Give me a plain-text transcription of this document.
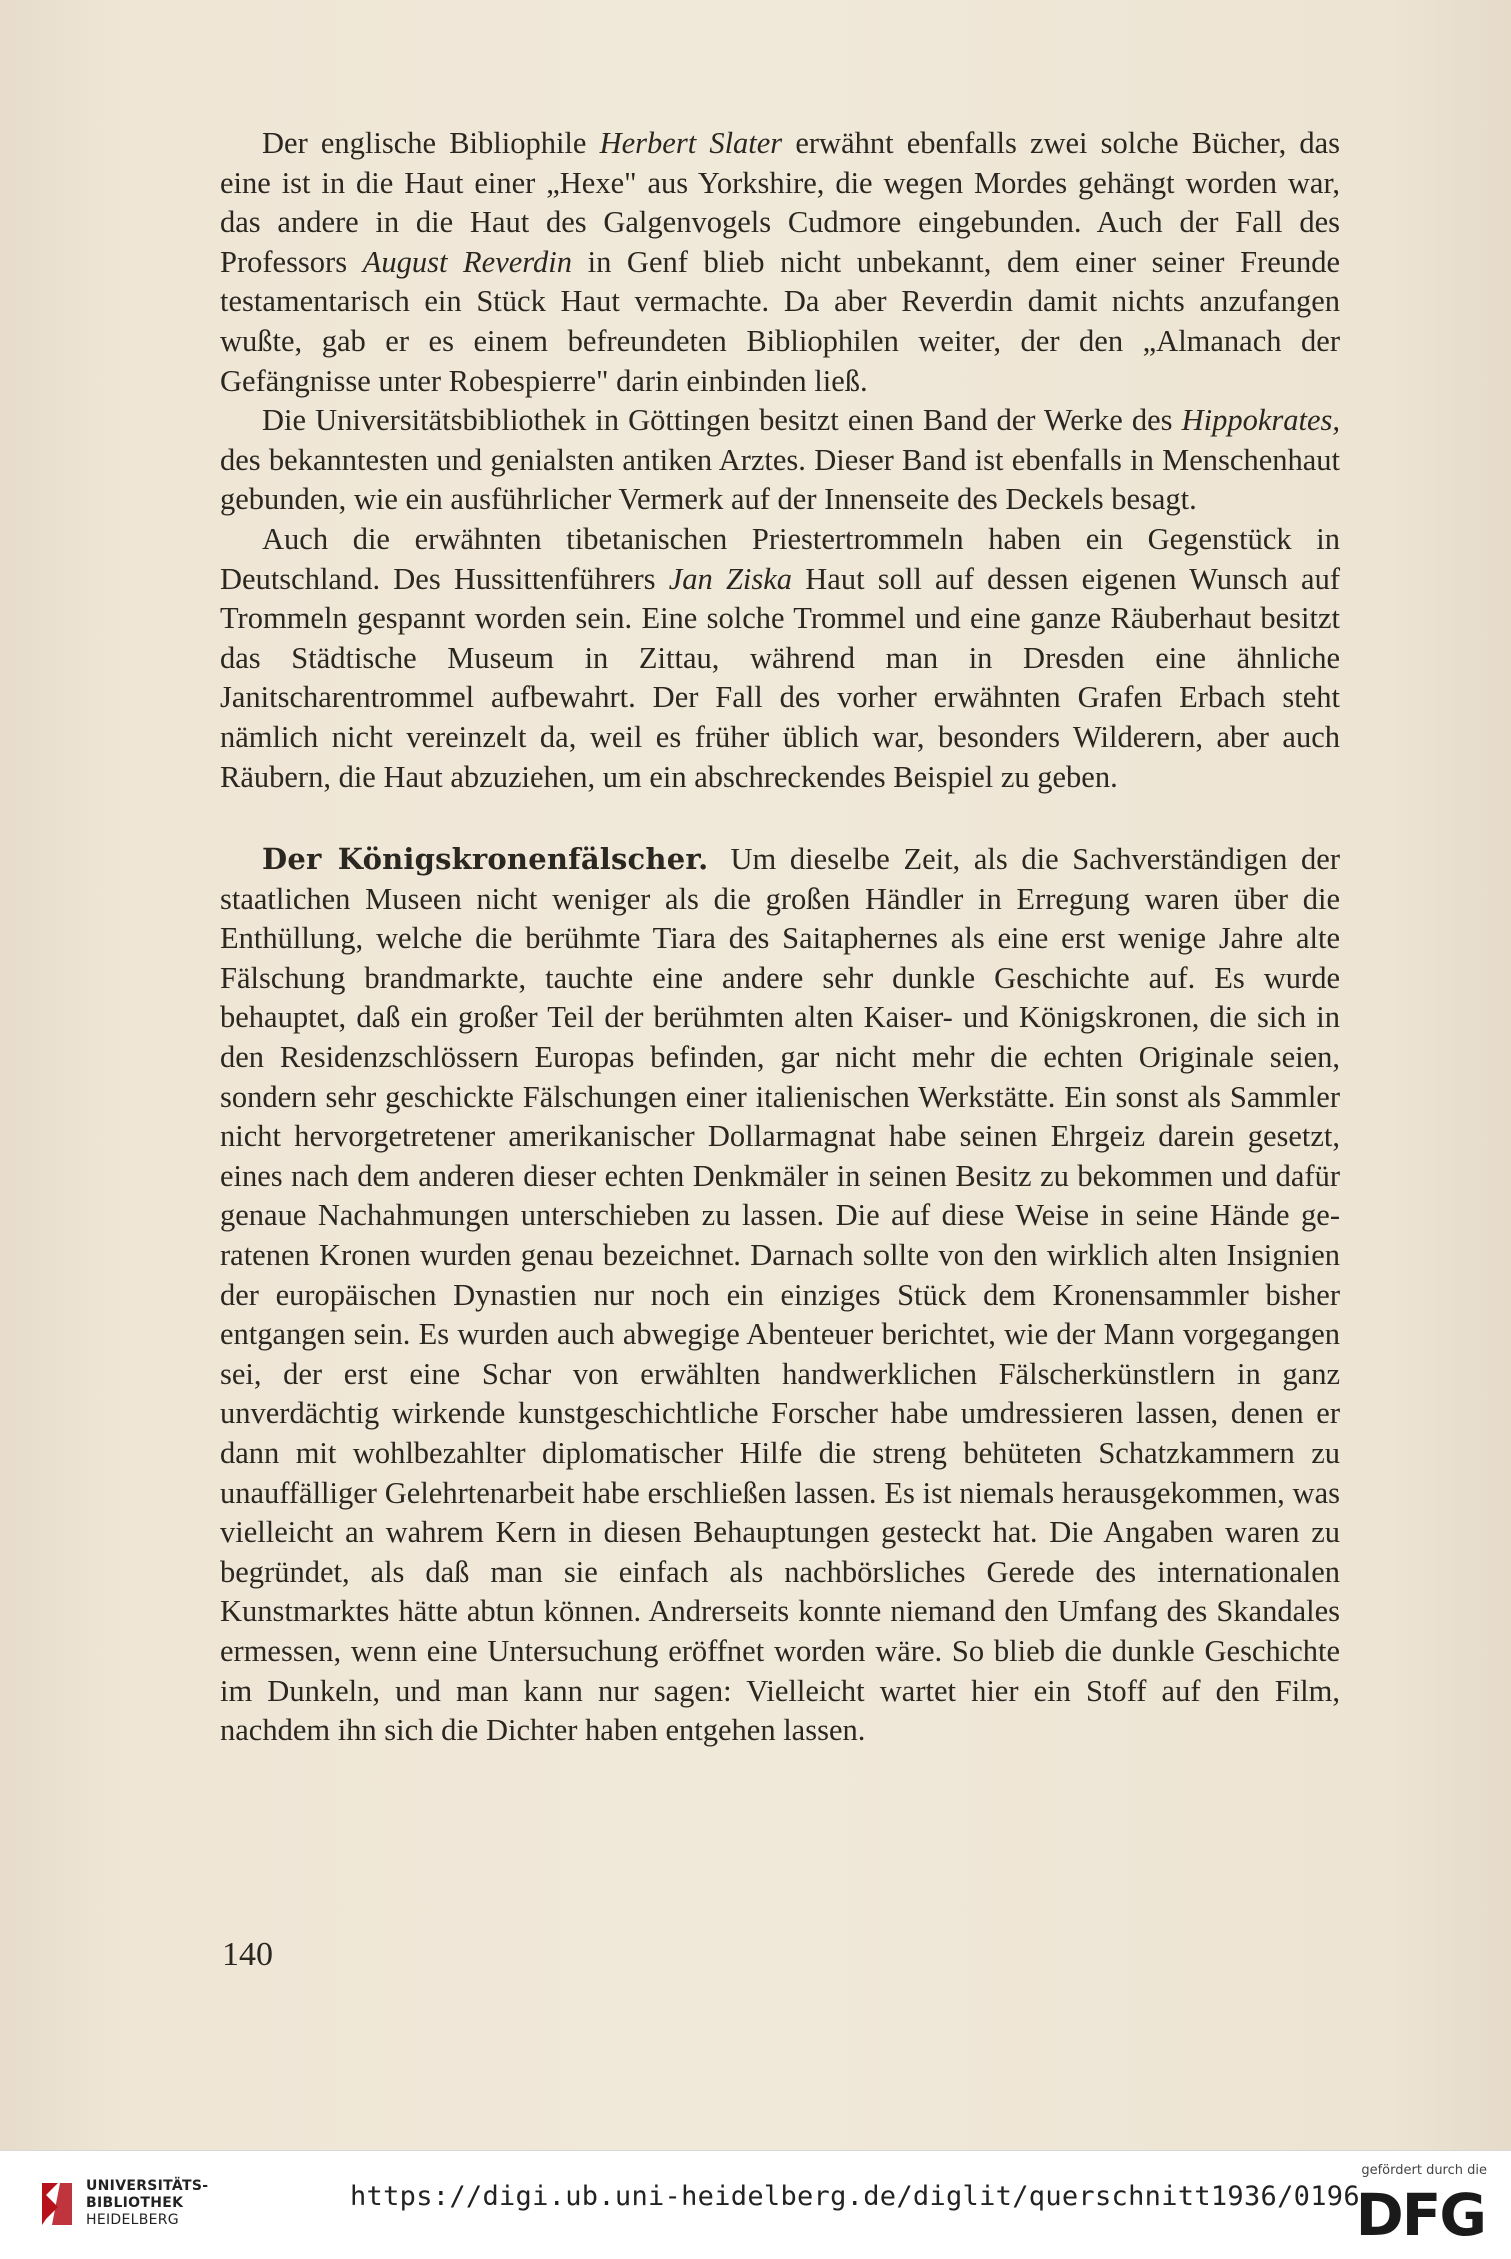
Der englische Bibliophile Herbert Slater erwähnt ebenfalls zwei solche Bücher, das eine ist in die Haut einer „Hexe" aus Yorkshire, die wegen Mordes gehängt worden war, das andere in die Haut des Galgenvogels Cudmore eingebunden. Auch der Fall des Professors August Reverdin in Genf blieb nicht unbekannt, dem einer seiner Freunde testamentarisch ein Stück Haut vermachte. Da aber Reverdin damit nichts anzufangen wußte, gab er es einem befreundeten Bibliophilen weiter, der den „Almanach der Gefängnisse unter Robespierre" darin einbinden ließ.

Die Universitätsbibliothek in Göttingen besitzt einen Band der Werke des Hippokrates, des bekanntesten und genialsten antiken Arztes. Dieser Band ist ebenfalls in Menschenhaut gebunden, wie ein ausführlicher Vermerk auf der Innenseite des Deckels besagt.

Auch die erwähnten tibetanischen Priestertrommeln haben ein Gegenstück in Deutschland. Des Hussittenführers Jan Ziska Haut soll auf dessen eigenen Wunsch auf Trommeln gespannt worden sein. Eine solche Trommel und eine ganze Räuberhaut besitzt das Städtische Museum in Zittau, während man in Dresden eine ähnliche Janitscharentrommel aufbewahrt. Der Fall des vorher erwähnten Grafen Erbach steht nämlich nicht vereinzelt da, weil es früher üblich war, besonders Wilderern, aber auch Räubern, die Haut abzuziehen, um ein abschreckendes Beispiel zu geben.

Der Königskronenfälscher. Um dieselbe Zeit, als die Sachverständigen der staatlichen Museen nicht weniger als die großen Händler in Erregung waren über die Enthüllung, welche die berühmte Tiara des Saitaphernes als eine erst wenige Jahre alte Fälschung brandmarkte, tauchte eine andere sehr dunkle Geschichte auf. Es wurde behauptet, daß ein großer Teil der berühmten alten Kaiser- und Königskronen, die sich in den Residenzschlössern Europas befinden, gar nicht mehr die echten Originale seien, sondern sehr geschickte Fälschungen einer italienischen Werkstätte. Ein sonst als Sammler nicht hervorgetretener amerikanischer Dollarmagnat habe seinen Ehrgeiz darein gesetzt, eines nach dem anderen dieser echten Denkmäler in seinen Besitz zu bekommen und dafür genaue Nachahmungen unterschieben zu lassen. Die auf diese Weise in seine Hände geratenen Kronen wurden genau bezeichnet. Darnach sollte von den wirklich alten Insignien der europäischen Dynastien nur noch ein einziges Stück dem Kronensammler bisher entgangen sein. Es wurden auch abwegige Abenteuer berichtet, wie der Mann vorgegangen sei, der erst eine Schar von erwählten handwerklichen Fälscherkünstlern in ganz unverdächtig wirkende kunstgeschichtliche Forscher habe umdressieren lassen, denen er dann mit wohlbezahlter diplomatischer Hilfe die streng behüteten Schatzkammern zu unauffälliger Gelehrtenarbeit habe erschließen lassen. Es ist niemals herausgekommen, was vielleicht an wahrem Kern in diesen Behauptungen gesteckt hat. Die Angaben waren zu begründet, als daß man sie einfach als nachbörsliches Gerede des internationalen Kunstmarktes hätte abtun können. Andrerseits konnte niemand den Umfang des Skandales ermessen, wenn eine Untersuchung eröffnet worden wäre. So blieb die dunkle Geschichte im Dunkeln, und man kann nur sagen: Vielleicht wartet hier ein Stoff auf den Film, nachdem ihn sich die Dichter haben entgehen lassen.

140
UNIVERSITÄTS-
BIBLIOTHEK
HEIDELBERG
https://digi.ub.uni-heidelberg.de/diglit/querschnitt1936/0196
gefördert durch die
DFG
